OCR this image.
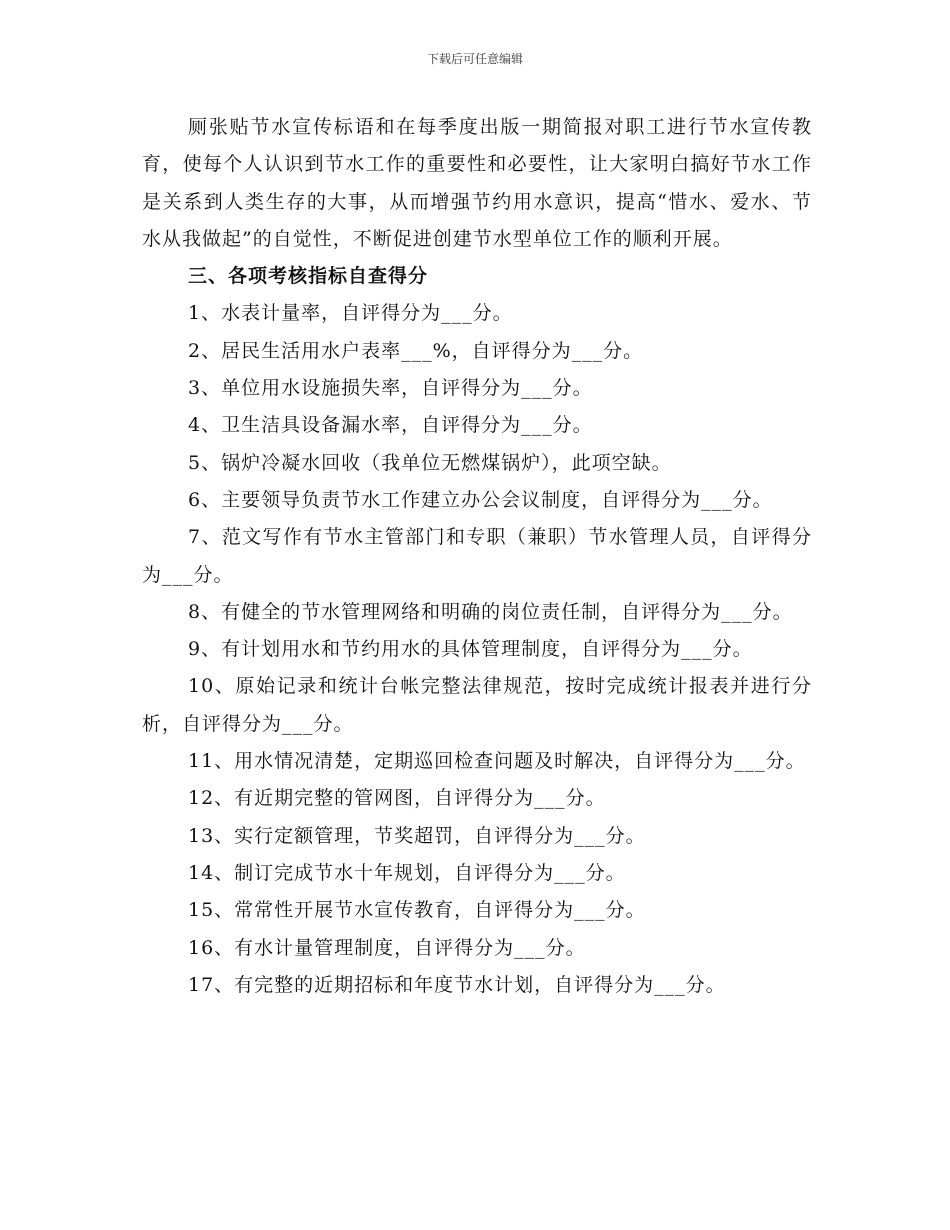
下载后可任意编辑

厕张贴节水宣传标语和在每季度出版一期简报对职工进行节水宣传教育，使每个人认识到节水工作的重要性和必要性，让大家明白搞好节水工作是关系到人类生存的大事，从而增强节约用水意识，提高“惜水、爱水、节水从我做起”的自觉性，不断促进创建节水型单位工作的顺利开展。

三、各项考核指标自查得分

1、水表计量率，自评得分为___分。

2、居民生活用水户表率___%，自评得分为___分。

3、单位用水设施损失率，自评得分为___分。

4、卫生洁具设备漏水率，自评得分为___分。

5、锅炉冷凝水回收（我单位无燃煤锅炉），此项空缺。

6、主要领导负责节水工作建立办公会议制度，自评得分为___分。

7、范文写作有节水主管部门和专职（兼职）节水管理人员，自评得分为___分。

8、有健全的节水管理网络和明确的岗位责任制，自评得分为___分。

9、有计划用水和节约用水的具体管理制度，自评得分为___分。

10、原始记录和统计台帐完整法律规范，按时完成统计报表并进行分析，自评得分为___分。

11、用水情况清楚，定期巡回检查问题及时解决，自评得分为___分。

12、有近期完整的管网图，自评得分为___分。

13、实行定额管理，节奖超罚，自评得分为___分。

14、制订完成节水十年规划，自评得分为___分。

15、常常性开展节水宣传教育，自评得分为___分。

16、有水计量管理制度，自评得分为___分。

17、有完整的近期招标和年度节水计划，自评得分为___分。
